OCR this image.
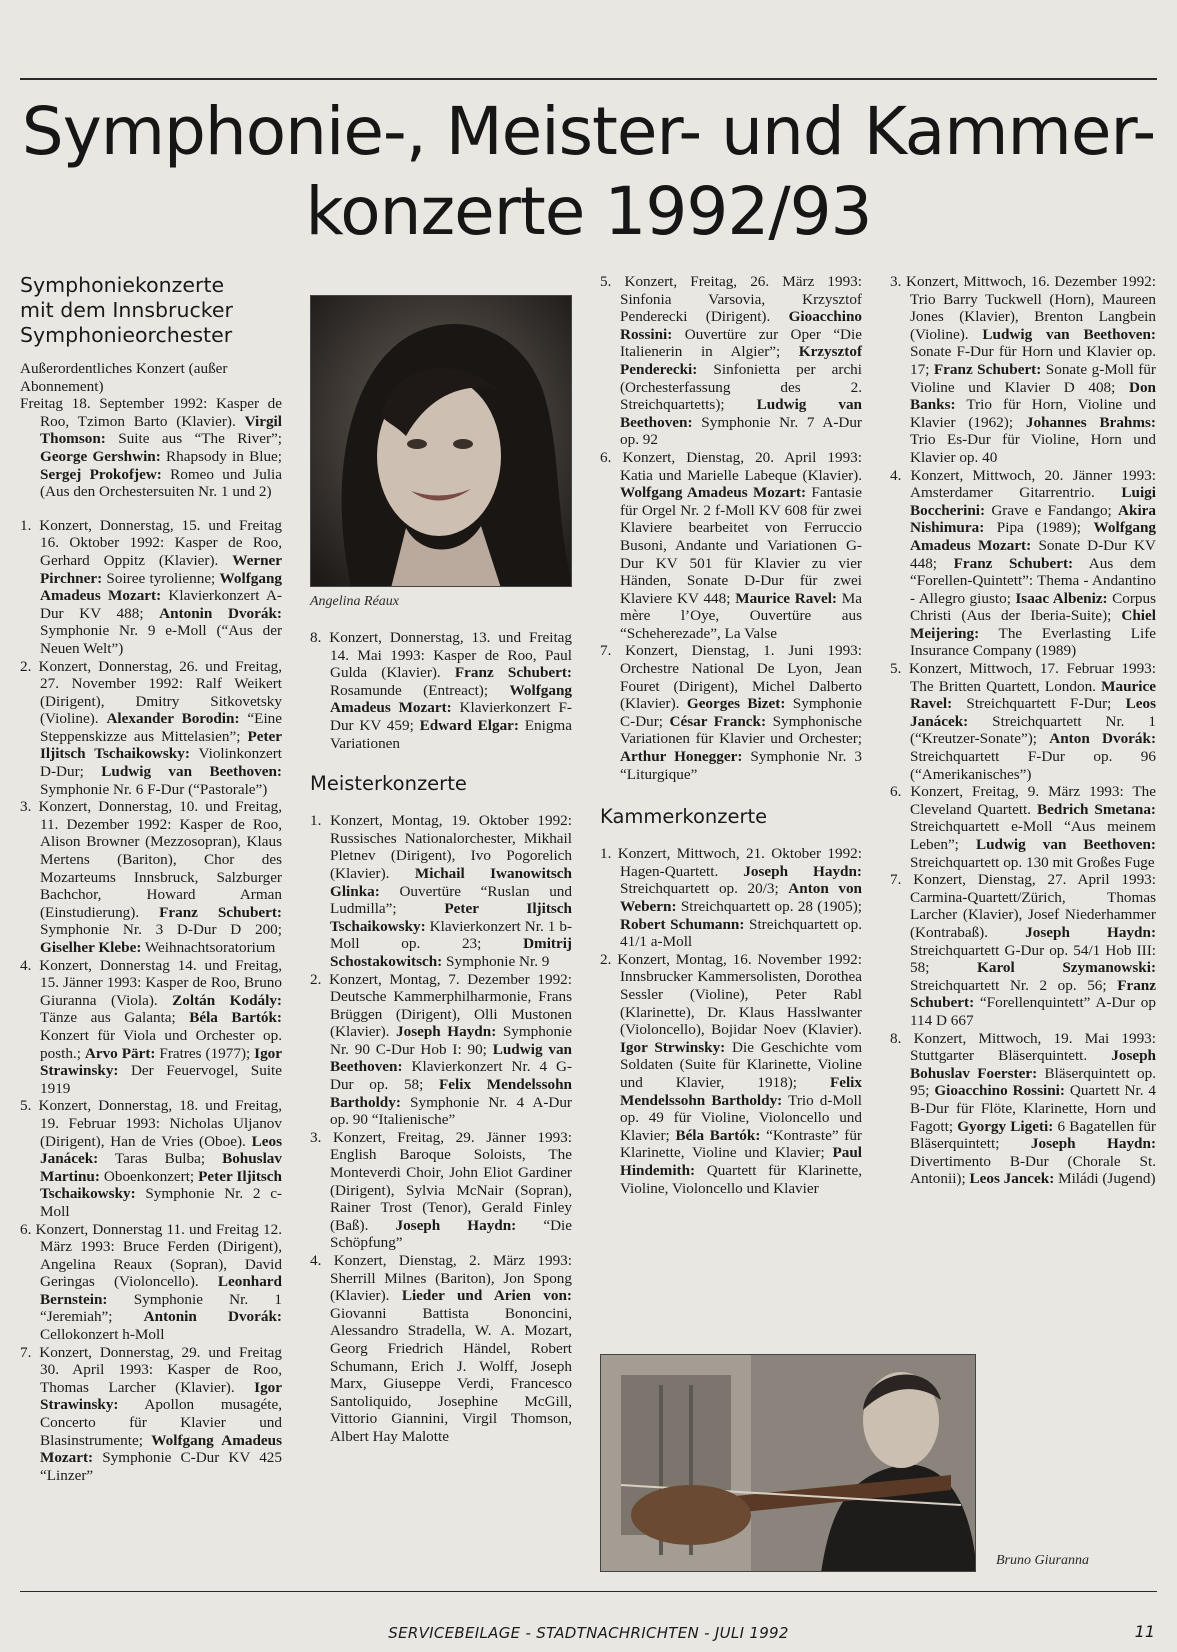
Symphonie-, Meister- und Kammer-
konzerte 1992/93
Symphoniekonzerte
mit dem Innsbrucker
Symphonieorchester
Außerordentliches Konzert (außer Abonnement)
Freitag 18. September 1992: Kasper de Roo, Tzimon Barto (Klavier). Virgil Thomson: Suite aus “The River”; George Gershwin: Rhapsody in Blue; Sergej Prokofjew: Romeo und Julia (Aus den Orchestersuiten Nr. 1 und 2)
1. Konzert, Donnerstag, 15. und Freitag 16. Oktober 1992: Kasper de Roo, Gerhard Oppitz (Klavier). Werner Pirchner: Soiree tyrolienne; Wolfgang Amadeus Mozart: Klavierkonzert A-Dur KV 488; Antonin Dvorák: Symphonie Nr. 9 e-Moll (“Aus der Neuen Welt”)
2. Konzert, Donnerstag, 26. und Freitag, 27. November 1992: Ralf Weikert (Dirigent), Dmitry Sitkovetsky (Violine). Alexander Borodin: “Eine Steppenskizze aus Mittelasien”; Peter Iljitsch Tschaikowsky: Violinkonzert D-Dur; Ludwig van Beethoven: Symphonie Nr. 6 F-Dur (“Pastorale”)
3. Konzert, Donnerstag, 10. und Freitag, 11. Dezember 1992: Kasper de Roo, Alison Browner (Mezzosopran), Klaus Mertens (Bariton), Chor des Mozarteums Innsbruck, Salzburger Bachchor, Howard Arman (Einstudierung). Franz Schubert: Symphonie Nr. 3 D-Dur D 200; Giselher Klebe: Weihnachtsoratorium
4. Konzert, Donnerstag 14. und Freitag, 15. Jänner 1993: Kasper de Roo, Bruno Giuranna (Viola). Zoltán Kodály: Tänze aus Galanta; Béla Bartók: Konzert für Viola und Orchester op. posth.; Arvo Pärt: Fratres (1977); Igor Strawinsky: Der Feuervogel, Suite 1919
5. Konzert, Donnerstag, 18. und Freitag, 19. Februar 1993: Nicholas Uljanov (Dirigent), Han de Vries (Oboe). Leos Janácek: Taras Bulba; Bohuslav Martinu: Oboenkonzert; Peter Iljitsch Tschaikowsky: Symphonie Nr. 2 c-Moll
6. Konzert, Donnerstag 11. und Freitag 12. März 1993: Bruce Ferden (Dirigent), Angelina Reaux (Sopran), David Geringas (Violoncello). Leonhard Bernstein: Symphonie Nr. 1 “Jeremiah”; Antonin Dvorák: Cellokonzert h-Moll
7. Konzert, Donnerstag, 29. und Freitag 30. April 1993: Kasper de Roo, Thomas Larcher (Klavier). Igor Strawinsky: Apollon musagéte, Concerto für Klavier und Blasinstrumente; Wolfgang Amadeus Mozart: Symphonie C-Dur KV 425 “Linzer”
Angelina Réaux
8. Konzert, Donnerstag, 13. und Freitag 14. Mai 1993: Kasper de Roo, Paul Gulda (Klavier). Franz Schubert: Rosamunde (Entreact); Wolfgang Amadeus Mozart: Klavierkonzert F-Dur KV 459; Edward Elgar: Enigma Variationen
Meisterkonzerte
1. Konzert, Montag, 19. Oktober 1992: Russisches Nationalorchester, Mikhail Pletnev (Dirigent), Ivo Pogorelich (Klavier). Michail Iwanowitsch Glinka: Ouvertüre “Ruslan und Ludmilla”; Peter Iljitsch Tschaikowsky: Klavierkonzert Nr. 1 b-Moll op. 23; Dmitrij Schostakowitsch: Symphonie Nr. 9
2. Konzert, Montag, 7. Dezember 1992: Deutsche Kammerphilharmonie, Frans Brüggen (Dirigent), Olli Mustonen (Klavier). Joseph Haydn: Symphonie Nr. 90 C-Dur Hob I: 90; Ludwig van Beethoven: Klavierkonzert Nr. 4 G-Dur op. 58; Felix Mendelssohn Bartholdy: Symphonie Nr. 4 A-Dur op. 90 “Italienische”
3. Konzert, Freitag, 29. Jänner 1993: English Baroque Soloists, The Monteverdi Choir, John Eliot Gardiner (Dirigent), Sylvia McNair (Sopran), Rainer Trost (Tenor), Gerald Finley (Baß). Joseph Haydn: “Die Schöpfung”
4. Konzert, Dienstag, 2. März 1993: Sherrill Milnes (Bariton), Jon Spong (Klavier). Lieder und Arien von: Giovanni Battista Bononcini, Alessandro Stradella, W. A. Mozart, Georg Friedrich Händel, Robert Schumann, Erich J. Wolff, Joseph Marx, Giuseppe Verdi, Francesco Santoliquido, Josephine McGill, Vittorio Giannini, Virgil Thomson, Albert Hay Malotte
5. Konzert, Freitag, 26. März 1993: Sinfonia Varsovia, Krzysztof Penderecki (Dirigent). Gioacchino Rossini: Ouvertüre zur Oper “Die Italienerin in Algier”; Krzysztof Penderecki: Sinfonietta per archi (Orchesterfassung des 2. Streichquartetts); Ludwig van Beethoven: Symphonie Nr. 7 A-Dur op. 92
6. Konzert, Dienstag, 20. April 1993: Katia und Marielle Labeque (Klavier). Wolfgang Amadeus Mozart: Fantasie für Orgel Nr. 2 f-Moll KV 608 für zwei Klaviere bearbeitet von Ferruccio Busoni, Andante und Variationen G-Dur KV 501 für Klavier zu vier Händen, Sonate D-Dur für zwei Klaviere KV 448; Maurice Ravel: Ma mère l’Oye, Ouvertüre aus “Scheherezade”, La Valse
7. Konzert, Dienstag, 1. Juni 1993: Orchestre National De Lyon, Jean Fouret (Dirigent), Michel Dalberto (Klavier). Georges Bizet: Symphonie C-Dur; César Franck: Symphonische Variationen für Klavier und Orchester; Arthur Honegger: Symphonie Nr. 3 “Liturgique”
Kammerkonzerte
1. Konzert, Mittwoch, 21. Oktober 1992: Hagen-Quartett. Joseph Haydn: Streichquartett op. 20/3; Anton von Webern: Streichquartett op. 28 (1905); Robert Schumann: Streichquartett op. 41/1 a-Moll
2. Konzert, Montag, 16. November 1992: Innsbrucker Kammersolisten, Dorothea Sessler (Violine), Peter Rabl (Klarinette), Dr. Klaus Hasslwanter (Violoncello), Bojidar Noev (Klavier). Igor Strwinsky: Die Geschichte vom Soldaten (Suite für Klarinette, Violine und Klavier, 1918); Felix Mendelssohn Bartholdy: Trio d-Moll op. 49 für Violine, Violoncello und Klavier; Béla Bartók: “Kontraste” für Klarinette, Violine und Klavier; Paul Hindemith: Quartett für Klarinette, Violine, Violoncello und Klavier
Bruno Giuranna
3. Konzert, Mittwoch, 16. Dezember 1992: Trio Barry Tuckwell (Horn), Maureen Jones (Klavier), Brenton Langbein (Violine). Ludwig van Beethoven: Sonate F-Dur für Horn und Klavier op. 17; Franz Schubert: Sonate g-Moll für Violine und Klavier D 408; Don Banks: Trio für Horn, Violine und Klavier (1962); Johannes Brahms: Trio Es-Dur für Violine, Horn und Klavier op. 40
4. Konzert, Mittwoch, 20. Jänner 1993: Amsterdamer Gitarrentrio. Luigi Boccherini: Grave e Fandango; Akira Nishimura: Pipa (1989); Wolfgang Amadeus Mozart: Sonate D-Dur KV 448; Franz Schubert: Aus dem “Forellen-Quintett”: Thema - Andantino - Allegro giusto; Isaac Albeniz: Corpus Christi (Aus der Iberia-Suite); Chiel Meijering: The Everlasting Life Insurance Company (1989)
5. Konzert, Mittwoch, 17. Februar 1993: The Britten Quartett, London. Maurice Ravel: Streichquartett F-Dur; Leos Janácek: Streichquartett Nr. 1 (“Kreutzer-Sonate”); Anton Dvorák: Streichquartett F-Dur op. 96 (“Amerikanisches”)
6. Konzert, Freitag, 9. März 1993: The Cleveland Quartett. Bedrich Smetana: Streichquartett e-Moll “Aus meinem Leben”; Ludwig van Beethoven: Streichquartett op. 130 mit Großes Fuge
7. Konzert, Dienstag, 27. April 1993: Carmina-Quartett/Zürich, Thomas Larcher (Klavier), Josef Niederhammer (Kontrabaß). Joseph Haydn: Streichquartett G-Dur op. 54/1 Hob III: 58; Karol Szymanowski: Streichquartett Nr. 2 op. 56; Franz Schubert: “Forellenquintett” A-Dur op 114 D 667
8. Konzert, Mittwoch, 19. Mai 1993: Stuttgarter Bläserquintett. Joseph Bohuslav Foerster: Bläserquintett op. 95; Gioacchino Rossini: Quartett Nr. 4 B-Dur für Flöte, Klarinette, Horn und Fagott; Gyorgy Ligeti: 6 Bagatellen für Bläserquintett; Joseph Haydn: Divertimento B-Dur (Chorale St. Antonii); Leos Jancek: Miládi (Jugend)
SERVICEBEILAGE - STADTNACHRICHTEN - JULI 1992	11
